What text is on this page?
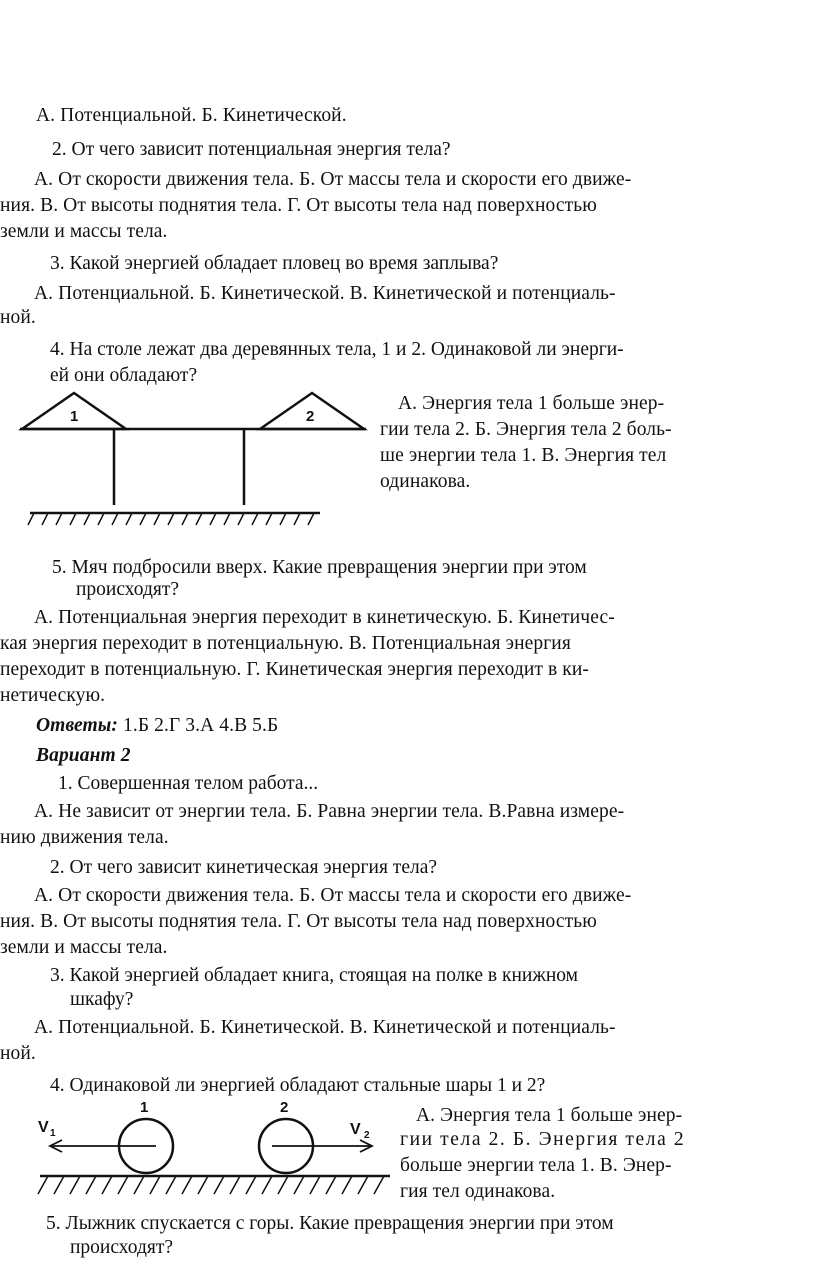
А. Потенциальной. Б. Кинетической.
2. От чего зависит потенциальная энергия тела?
А. От скорости движения тела. Б. От массы тела и скорости его движе-
ния. В. От высоты поднятия тела. Г. От высоты тела над поверхностью
земли и массы тела.
3. Какой энергией обладает пловец во время заплыва?
А. Потенциальной. Б. Кинетической. В. Кинетической и потенциаль-
ной.
4. На столе лежат два деревянных тела, 1 и 2. Одинаковой ли энерги-
ей они обладают?
1	2
А. Энергия тела 1 больше энер-
гии тела 2. Б. Энергия тела 2 боль-
ше энергии тела 1. В. Энергия тел
одинакова.
5. Мяч подбросили вверх. Какие превращения энергии при этом
происходят?
А. Потенциальная энергия переходит в кинетическую. Б. Кинетичес-
кая энергия переходит в потенциальную. В. Потенциальная энергия
переходит в потенциальную. Г. Кинетическая энергия переходит в ки-
нетическую.
Ответы: 1.Б 2.Г 3.А 4.В 5.Б
Вариант 2
1. Совершенная телом работа...
А. Не зависит от энергии тела. Б. Равна энергии тела. В.Равна измере-
нию движения тела.
2. От чего зависит кинетическая энергия тела?
А. От скорости движения тела. Б. От массы тела и скорости его движе-
ния. В. От высоты поднятия тела. Г. От высоты тела над поверхностью
земли и массы тела.
3. Какой энергией обладает книга, стоящая на полке в книжном
шкафу?
А. Потенциальной. Б. Кинетической. В. Кинетической и потенциаль-
ной.
4. Одинаковой ли энергией обладают стальные шары 1 и 2?
1	2
V 1	V 2
А. Энергия тела 1 больше энер-
гии тела 2. Б. Энергия тела 2
больше энергии тела 1. В. Энер-
гия тел одинакова.
5. Лыжник спускается с горы. Какие превращения энергии при этом
происходят?
